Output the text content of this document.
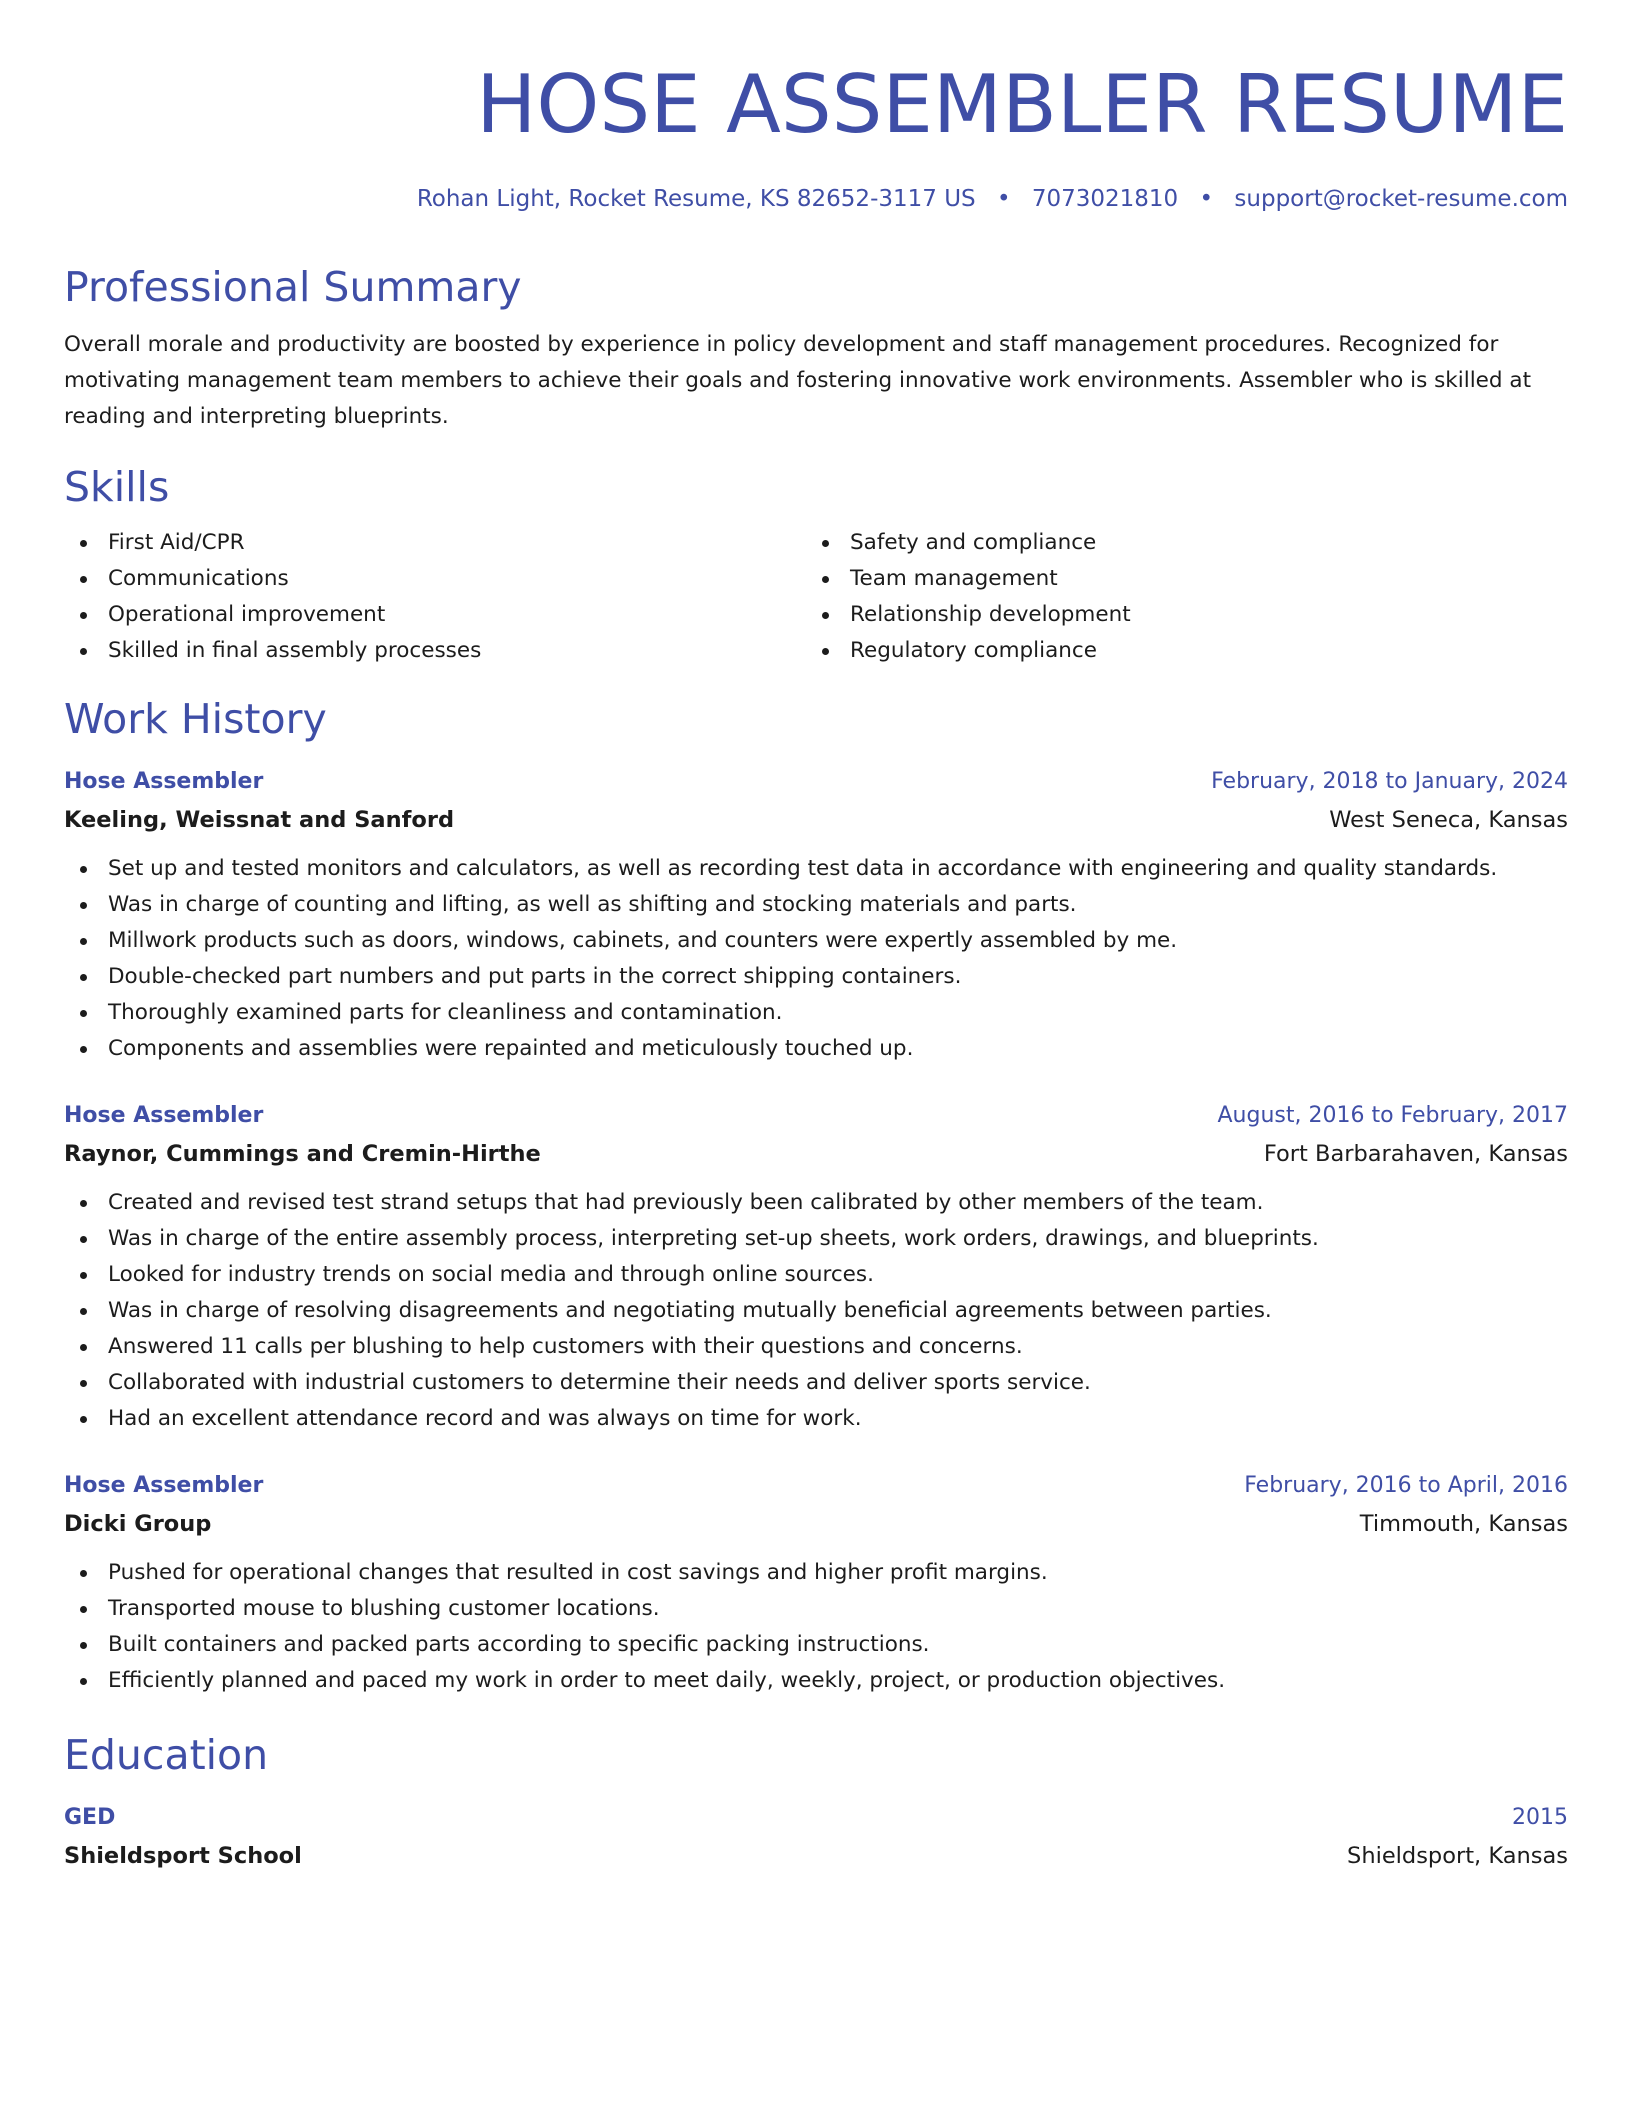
HOSE ASSEMBLER RESUME
Rohan Light, Rocket Resume, KS 82652-3117 US • 7073021810 • support@rocket-resume.com
Professional Summary

Overall morale and productivity are boosted by experience in policy development and staff management procedures. Recognized for motivating management team members to achieve their goals and fostering innovative work environments. Assembler who is skilled at reading and interpreting blueprints.

Skills
First Aid/CPR
Communications
Operational improvement
Skilled in final assembly processes
Safety and compliance
Team management
Relationship development
Regulatory compliance
Work History
Hose Assembler	February, 2018 to January, 2024
Keeling, Weissnat and Sanford	West Seneca, Kansas
Set up and tested monitors and calculators, as well as recording test data in accordance with engineering and quality standards.
Was in charge of counting and lifting, as well as shifting and stocking materials and parts.
Millwork products such as doors, windows, cabinets, and counters were expertly assembled by me.
Double-checked part numbers and put parts in the correct shipping containers.
Thoroughly examined parts for cleanliness and contamination.
Components and assemblies were repainted and meticulously touched up.
Hose Assembler	August, 2016 to February, 2017
Raynor, Cummings and Cremin-Hirthe	Fort Barbarahaven, Kansas
Created and revised test strand setups that had previously been calibrated by other members of the team.
Was in charge of the entire assembly process, interpreting set-up sheets, work orders, drawings, and blueprints.
Looked for industry trends on social media and through online sources.
Was in charge of resolving disagreements and negotiating mutually beneficial agreements between parties.
Answered 11 calls per blushing to help customers with their questions and concerns.
Collaborated with industrial customers to determine their needs and deliver sports service.
Had an excellent attendance record and was always on time for work.
Hose Assembler	February, 2016 to April, 2016
Dicki Group	Timmouth, Kansas
Pushed for operational changes that resulted in cost savings and higher profit margins.
Transported mouse to blushing customer locations.
Built containers and packed parts according to specific packing instructions.
Efficiently planned and paced my work in order to meet daily, weekly, project, or production objectives.
Education
GED	2015
Shieldsport School	Shieldsport, Kansas
